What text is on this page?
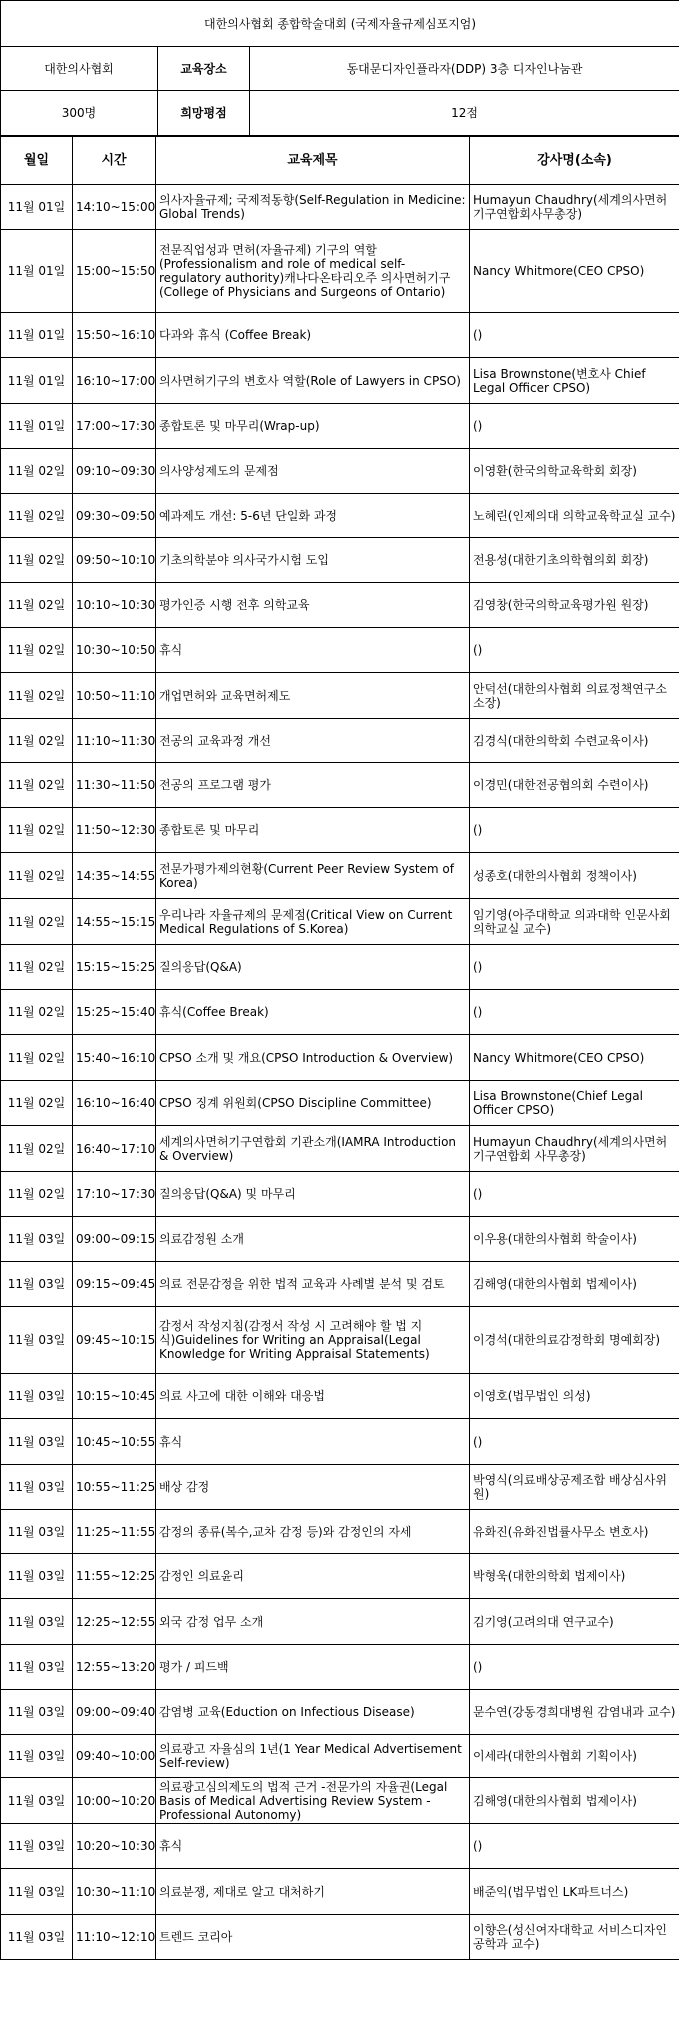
대한의사협회 종합학술대회 (국제자율규제심포지엄)		
대한의사협회	교육장소	동대문디자인플라자(DDP) 3층 디자인나눔관
300명	희망평점	12점
월일	시간	교육제목	강사명(소속)
11월 01일	14:10~15:00	의사자율규제; 국제적동향(Self-Regulation in Medicine: Global Trends)	Humayun Chaudhry(세계의사면허기구연합회사무총장)
11월 01일	15:00~15:50	전문직업성과 면허(자율규제) 기구의 역할(Professionalism and role of medical self-regulatory authority)캐나다온타리오주 의사면허기구(College of Physicians and Surgeons of Ontario)	Nancy Whitmore(CEO CPSO)
11월 01일	15:50~16:10	다과와 휴식 (Coffee Break)	()
11월 01일	16:10~17:00	의사면허기구의 변호사 역할(Role of Lawyers in CPSO)	Lisa Brownstone(변호사 Chief Legal Officer CPSO)
11월 01일	17:00~17:30	종합토론 및 마무리(Wrap-up)	()
11월 02일	09:10~09:30	의사양성제도의 문제점	이영환(한국의학교육학회 회장)
11월 02일	09:30~09:50	예과제도 개선: 5-6년 단일화 과정	노혜린(인제의대 의학교육학교실 교수)
11월 02일	09:50~10:10	기초의학분야 의사국가시험 도입	전용성(대한기초의학협의회 회장)
11월 02일	10:10~10:30	평가인증 시행 전후 의학교육	김영창(한국의학교육평가원 원장)
11월 02일	10:30~10:50	휴식	()
11월 02일	10:50~11:10	개업면허와 교육면허제도	안덕선(대한의사협회 의료정책연구소 소장)
11월 02일	11:10~11:30	전공의 교육과정 개선	김경식(대한의학회 수련교육이사)
11월 02일	11:30~11:50	전공의 프로그램 평가	이경민(대한전공협의회 수련이사)
11월 02일	11:50~12:30	종합토론 및 마무리	()
11월 02일	14:35~14:55	전문가평가제의현황(Current Peer Review System of Korea)	성종호(대한의사협회 정책이사)
11월 02일	14:55~15:15	우리나라 자율규제의 문제점(Critical View on Current Medical Regulations of S.Korea)	임기영(아주대학교 의과대학 인문사회의학교실 교수)
11월 02일	15:15~15:25	질의응답(Q&A)	()
11월 02일	15:25~15:40	휴식(Coffee Break)	()
11월 02일	15:40~16:10	CPSO 소개 및 개요(CPSO Introduction & Overview)	Nancy Whitmore(CEO CPSO)
11월 02일	16:10~16:40	CPSO 징계 위원회(CPSO Discipline Committee)	Lisa Brownstone(Chief Legal Officer CPSO)
11월 02일	16:40~17:10	세계의사면허기구연합회 기관소개(IAMRA Introduction & Overview)	Humayun Chaudhry(세계의사면허기구연합회 사무총장)
11월 02일	17:10~17:30	질의응답(Q&A) 및 마무리	()
11월 03일	09:00~09:15	의료감정원 소개	이우용(대한의사협회 학술이사)
11월 03일	09:15~09:45	의료 전문감정을 위한 법적 교육과 사례별 분석 및 검토	김해영(대한의사협회 법제이사)
11월 03일	09:45~10:15	감정서 작성지침(감정서 작성 시 고려해야 할 법 지식)Guidelines for Writing an Appraisal(Legal Knowledge for Writing Appraisal Statements)	이경석(대한의료감정학회 명예회장)
11월 03일	10:15~10:45	의료 사고에 대한 이해와 대응법	이영호(법무법인 의성)
11월 03일	10:45~10:55	휴식	()
11월 03일	10:55~11:25	배상 감정	박영식(의료배상공제조합 배상심사위원)
11월 03일	11:25~11:55	감정의 종류(복수,교차 감정 등)와 감정인의 자세	유화진(유화진법률사무소 변호사)
11월 03일	11:55~12:25	감정인 의료윤리	박형욱(대한의학회 법제이사)
11월 03일	12:25~12:55	외국 감정 업무 소개	김기영(고려의대 연구교수)
11월 03일	12:55~13:20	평가 / 피드백	()
11월 03일	09:00~09:40	감염병 교육(Eduction on Infectious Disease)	문수연(강동경희대병원 감염내과 교수)
11월 03일	09:40~10:00	의료광고 자율심의 1년(1 Year Medical Advertisement Self-review)	이세라(대한의사협회 기획이사)
11월 03일	10:00~10:20	의료광고심의제도의 법적 근거 -전문가의 자율권(Legal Basis of Medical Advertising Review System - Professional Autonomy)	김해영(대한의사협회 법제이사)
11월 03일	10:20~10:30	휴식	()
11월 03일	10:30~11:10	의료분쟁, 제대로 알고 대처하기	배준익(법무법인 LK파트너스)
11월 03일	11:10~12:10	트렌드 코리아	이향은(성신여자대학교 서비스디자인공학과 교수)
